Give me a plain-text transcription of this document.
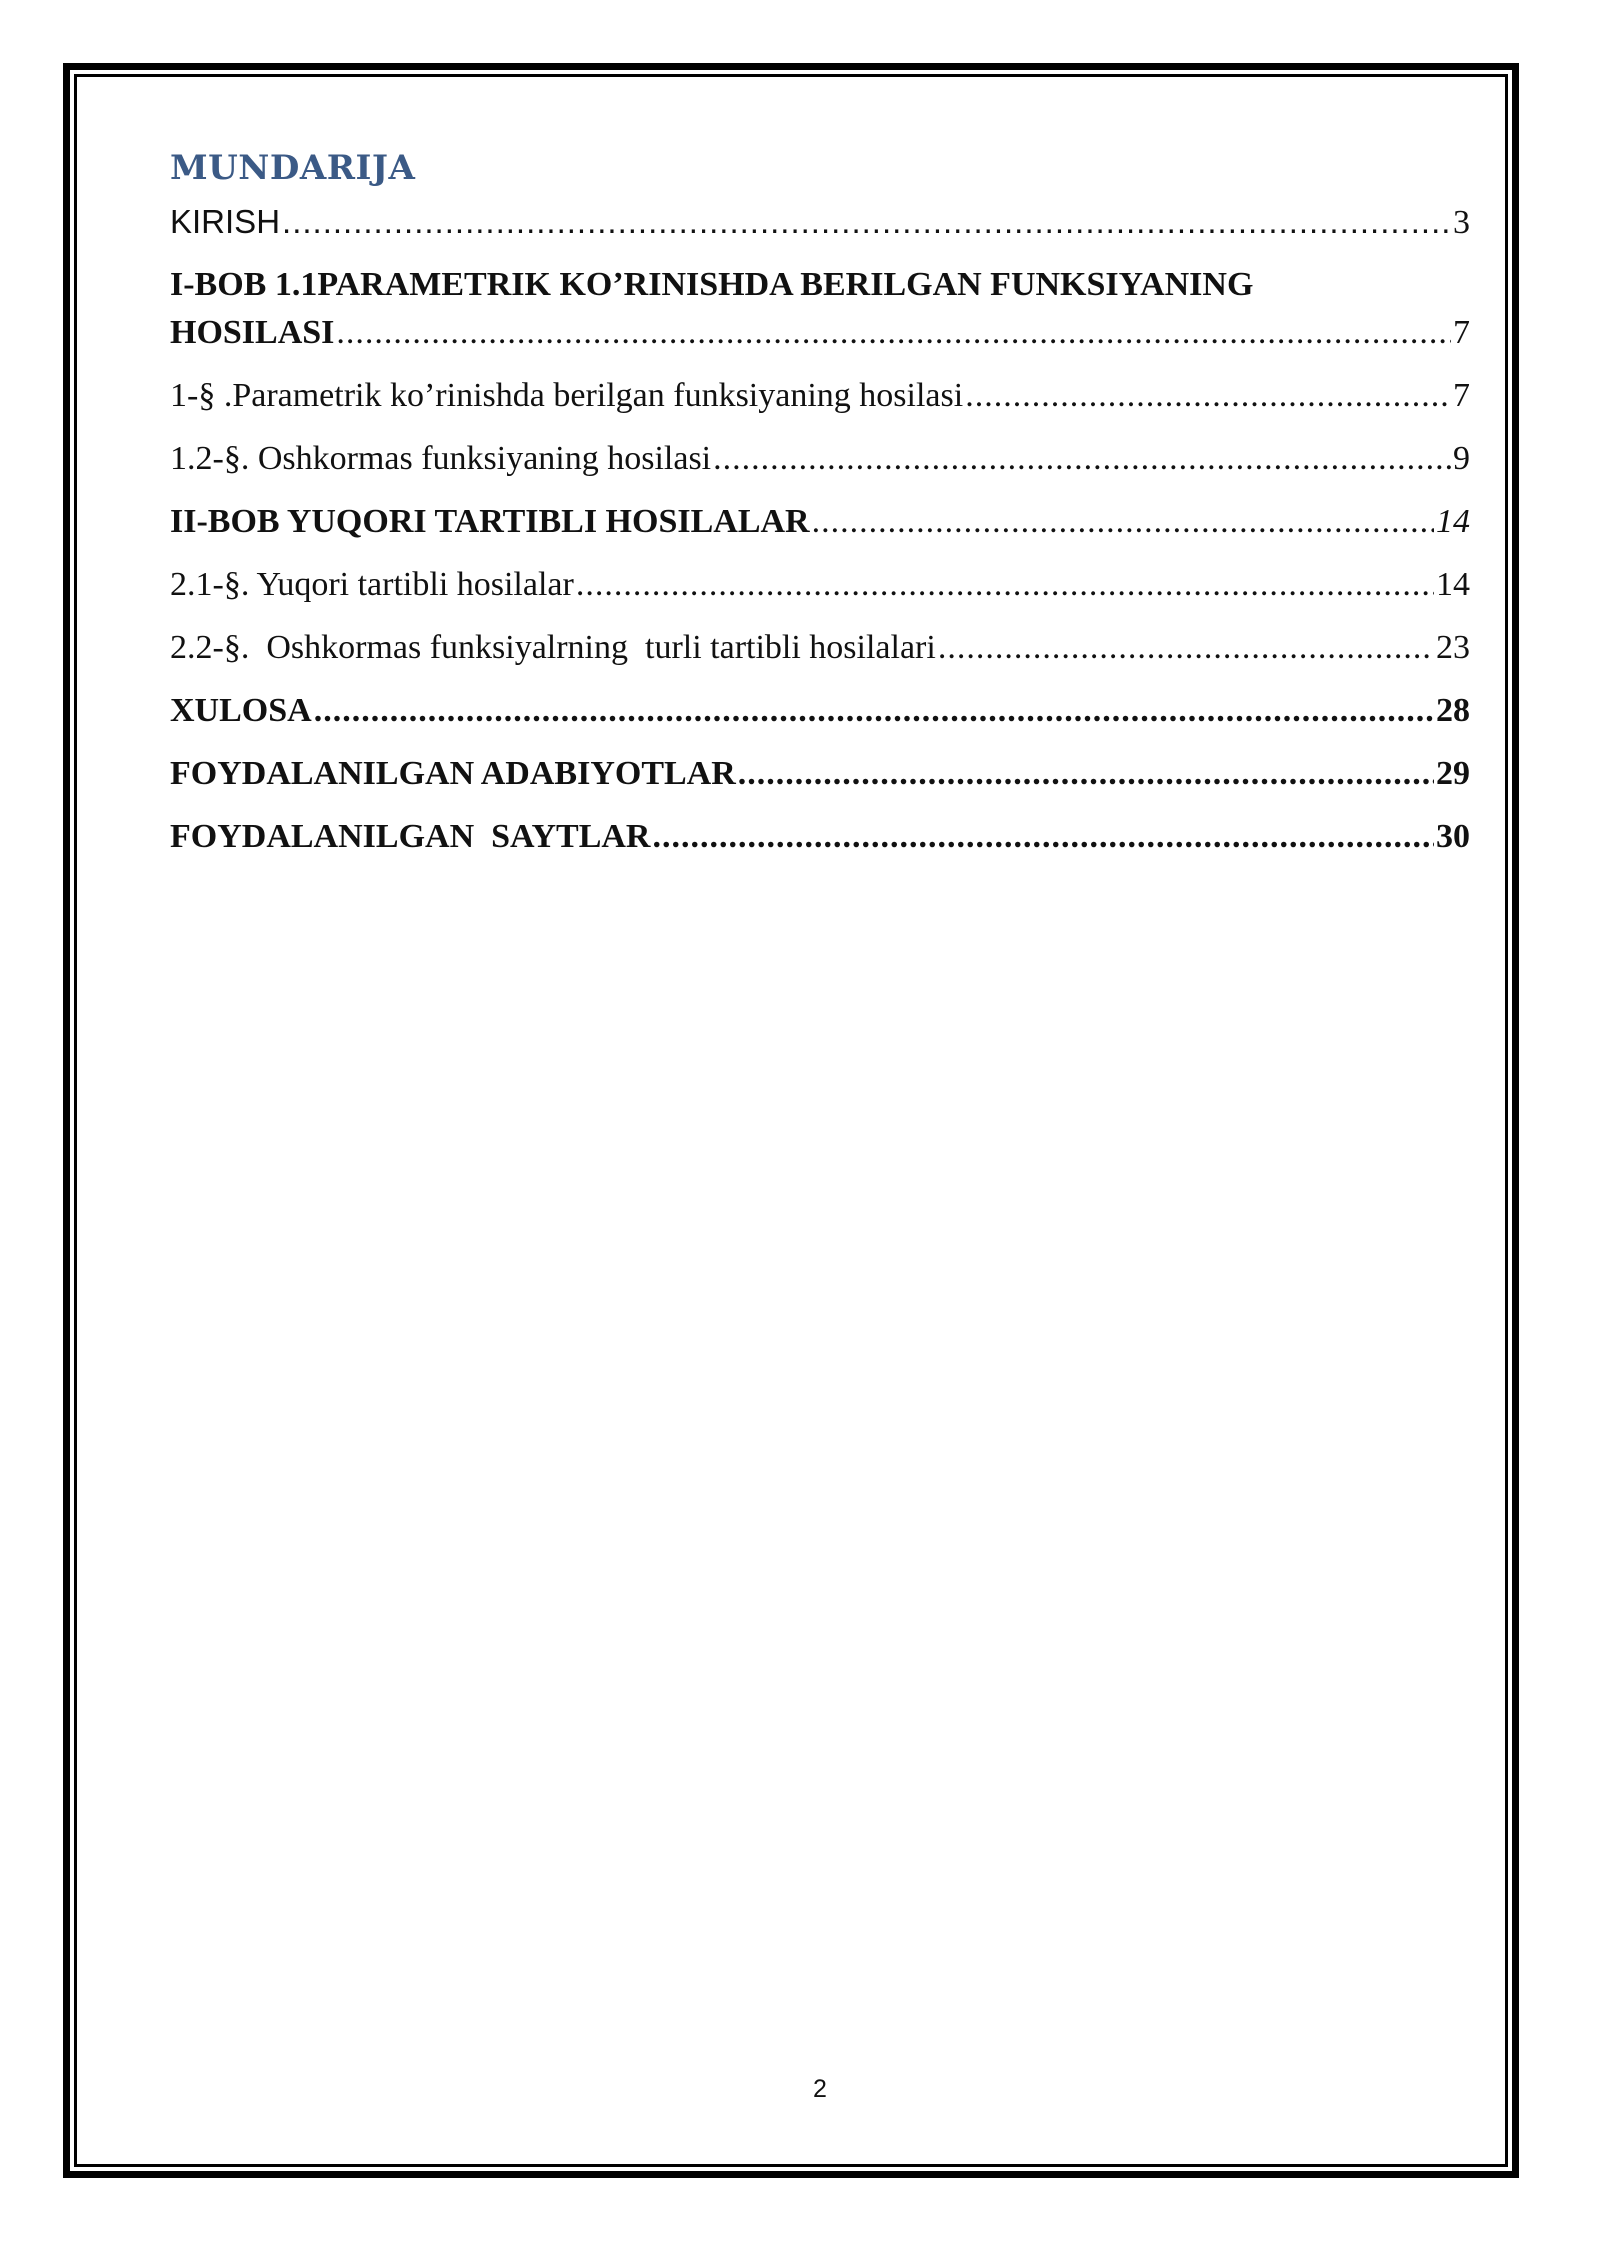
MUNDARIJA
KIRISH .....	3
I-BOB 1.1PARAMETRIK KO’RINISHDA BERILGAN FUNKSIYANING
HOSILASI .....	7
1-§ .Parametrik ko’rinishda berilgan funksiyaning hosilasi .....	7
1.2-§. Oshkormas funksiyaning hosilasi .....	9
II-BOB YUQORI TARTIBLI HOSILALAR .....	14
2.1-§. Yuqori tartibli hosilalar .....	14
2.2-§.  Oshkormas funksiyalrning  turli tartibli hosilalari .....	23
XULOSA .....	28
FOYDALANILGAN ADABIYOTLAR .....	29
FOYDALANILGAN  SAYTLAR .....	30
2
